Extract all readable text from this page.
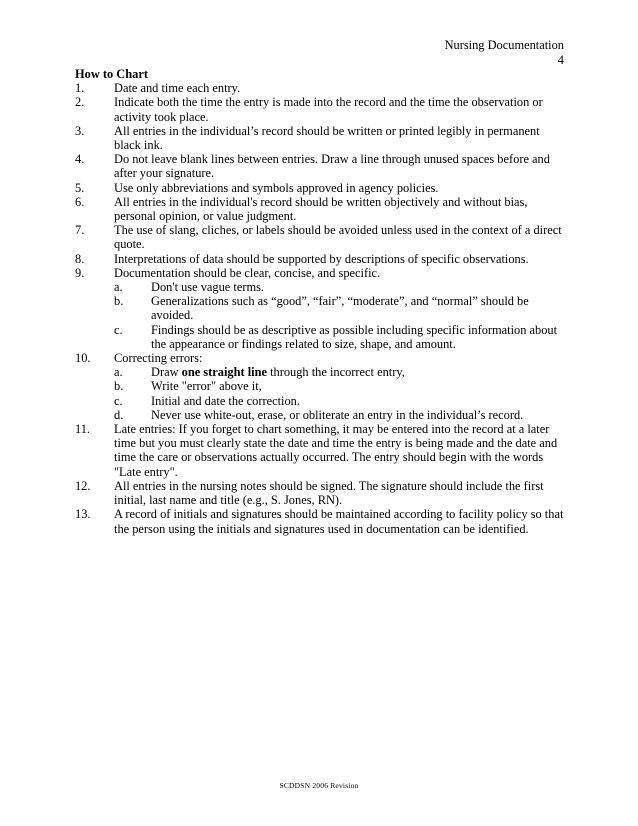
Nursing Documentation
4
How to Chart
1.	Date and time each entry.
2.	Indicate both the time the entry is made into the record and the time the observation or activity took place.
3.	All entries in the individual’s record should be written or printed legibly in permanent black ink.
4.	Do not leave blank lines between entries. Draw a line through unused spaces before and after your signature.
5.	Use only abbreviations and symbols approved in agency policies.
6.	All entries in the individual's record should be written objectively and without bias, personal opinion, or value judgment.
7.	The use of slang, cliches, or labels should be avoided unless used in the context of a direct quote.
8.	Interpretations of data should be supported by descriptions of specific observations.
9.	Documentation should be clear, concise, and specific.
a.	Don't use vague terms.
b.	Generalizations such as “good”, “fair”, “moderate”, and “normal” should be avoided.
c.	Findings should be as descriptive as possible including specific information about the appearance or findings related to size, shape, and amount.
10.	Correcting errors:
a.	Draw one straight line through the incorrect entry,
b.	Write "error" above it,
c.	Initial and date the correction.
d.	Never use white-out, erase, or obliterate an entry in the individual’s record.
11.	Late entries: If you forget to chart something, it may be entered into the record at a later time but you must clearly state the date and time the entry is being made and the date and time the care or observations actually occurred. The entry should begin with the words "Late entry".
12.	All entries in the nursing notes should be signed. The signature should include the first initial, last name and title (e.g., S. Jones, RN).
13.	A record of initials and signatures should be maintained according to facility policy so that the person using the initials and signatures used in documentation can be identified.
SCDDSN 2006 Revision
